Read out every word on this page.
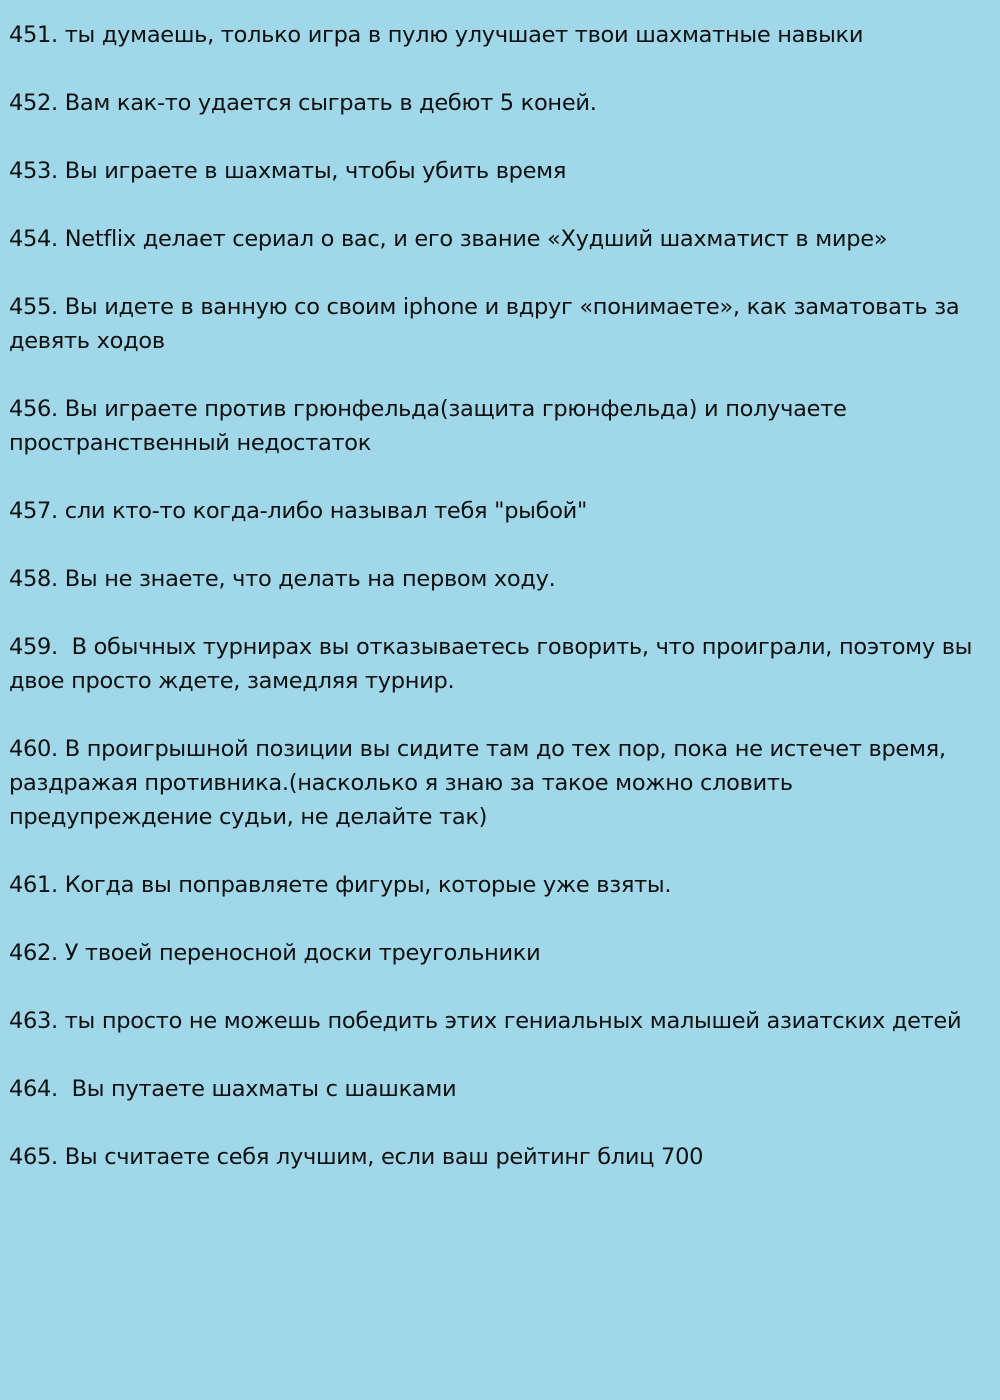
451. ты думаешь, только игра в пулю улучшает твои шахматные навыки
452. Вам как-то удается сыграть в дебют 5 коней.
453. Вы играете в шахматы, чтобы убить время
454. Netflix делает сериал о вас, и его звание «Худший шахматист в мире»
455. Вы идете в ванную со своим iphone и вдруг «понимаете», как заматовать за девять ходов
456. Вы играете против грюнфельда(защита грюнфельда) и получаете пространственный недостаток
457. сли кто-то когда-либо называл тебя "рыбой"
458. Вы не знаете, что делать на первом ходу.
459.  В обычных турнирах вы отказываетесь говорить, что проиграли, поэтому вы двое просто ждете, замедляя турнир.
460. В проигрышной позиции вы сидите там до тех пор, пока не истечет время, раздражая противника.(насколько я знаю за такое можно словить предупреждение судьи, не делайте так)
461. Когда вы поправляете фигуры, которые уже взяты.
462. У твоей переносной доски треугольники
463. ты просто не можешь победить этих гениальных малышей азиатских детей
464.  Вы путаете шахматы с шашками
465. Вы считаете себя лучшим, если ваш рейтинг блиц 700
